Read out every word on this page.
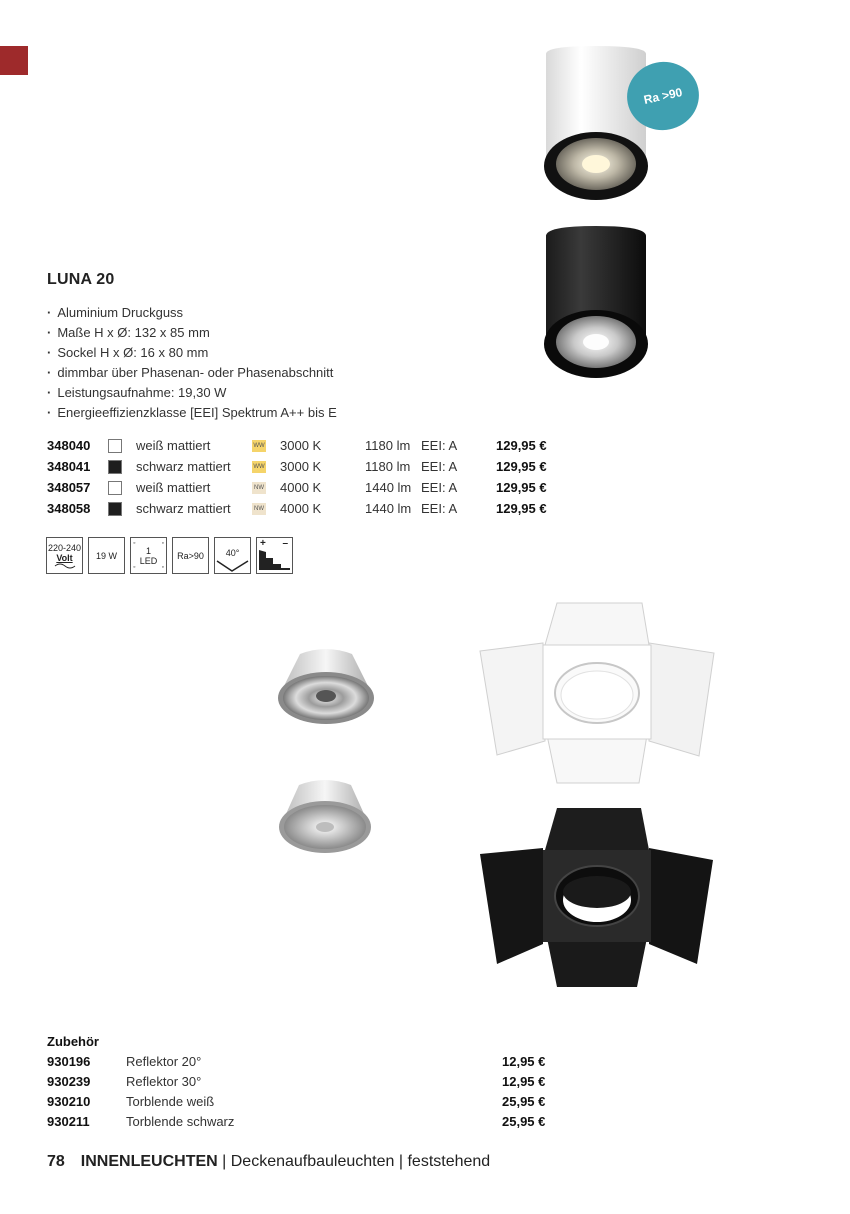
Ra >90
LUNA 20
· Aluminium Druckguss
· Maße H x Ø: 132 x 85 mm
· Sockel H x Ø: 16 x 80 mm
· dimmbar über Phasenan- oder Phasenabschnitt
· Leistungsaufnahme: 19,30 W
· Energieeffizienzklasse [EEI] Spektrum A++ bis E
348040	weiß mattiert	WW 3000 K	1180 lm EEI: A	129,95 €
348041	schwarz mattiert	WW 3000 K	1180 lm EEI: A	129,95 €
348057	weiß mattiert	NW 4000 K	1440 lm EEI: A	129,95 €
348058	schwarz mattiert	NW 4000 K	1440 lm EEI: A	129,95 €
220-240
Volt	19 W
◦	◦
◦	◦
1
LED Ra>90 40°
+ –
Zubehör
930196	Reflektor 20°	12,95 €
930239	Reflektor 30°	12,95 €
930210	Torblende weiß	25,95 €
930211	Torblende schwarz	25,95 €
78 INNENLEUCHTEN | Deckenaufbauleuchten | feststehend
